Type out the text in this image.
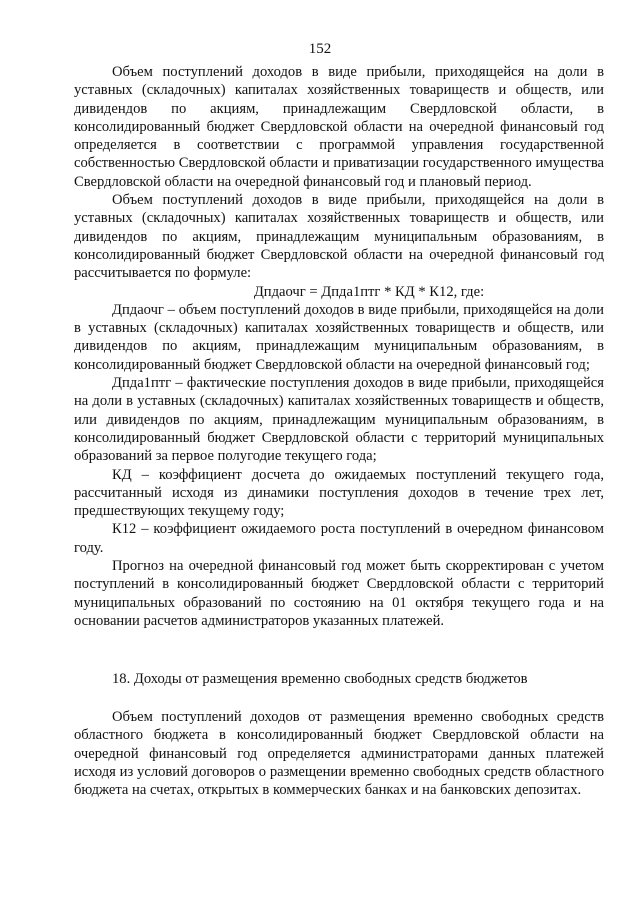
152

Объем поступлений доходов в виде прибыли, приходящейся на доли в уставных (складочных) капиталах хозяйственных товариществ и обществ, или дивидендов по акциям, принадлежащим Свердловской области, в консолидированный бюджет Свердловской области на очередной финансовый год определяется в соответствии с программой управления государственной собственностью Свердловской области и приватизации государственного имущества Свердловской области на очередной финансовый год и плановый период.

Объем поступлений доходов в виде прибыли, приходящейся на доли в уставных (складочных) капиталах хозяйственных товариществ и обществ, или дивидендов по акциям, принадлежащим муниципальным образованиям, в консолидированный бюджет Свердловской области на очередной финансовый год рассчитывается по формуле:

Дпдаочг = Дпда1птг * КД * К12, где:

Дпдаочг – объем поступлений доходов в виде прибыли, приходящейся на доли в уставных (складочных) капиталах хозяйственных товариществ и обществ, или дивидендов по акциям, принадлежащим муниципальным образованиям, в консолидированный бюджет Свердловской области на очередной финансовый год;

Дпда1птг – фактические поступления доходов в виде прибыли, приходящейся на доли в уставных (складочных) капиталах хозяйственных товариществ и обществ, или дивидендов по акциям, принадлежащим муниципальным образованиям, в консолидированный бюджет Свердловской области с территорий муниципальных образований за первое полугодие текущего года;

КД – коэффициент досчета до ожидаемых поступлений текущего года, рассчитанный исходя из динамики поступления доходов в течение трех лет, предшествующих текущему году;

К12 – коэффициент ожидаемого роста поступлений в очередном финансовом году.

Прогноз на очередной финансовый год может быть скорректирован с учетом поступлений в консолидированный бюджет Свердловской области с территорий муниципальных образований по состоянию на 01 октября текущего года и на основании расчетов администраторов указанных платежей.

18. Доходы от размещения временно свободных средств бюджетов

Объем поступлений доходов от размещения временно свободных средств областного бюджета в консолидированный бюджет Свердловской области на очередной финансовый год определяется администраторами данных платежей исходя из условий договоров о размещении временно свободных средств областного бюджета на счетах, открытых в коммерческих банках и на банковских депозитах.
